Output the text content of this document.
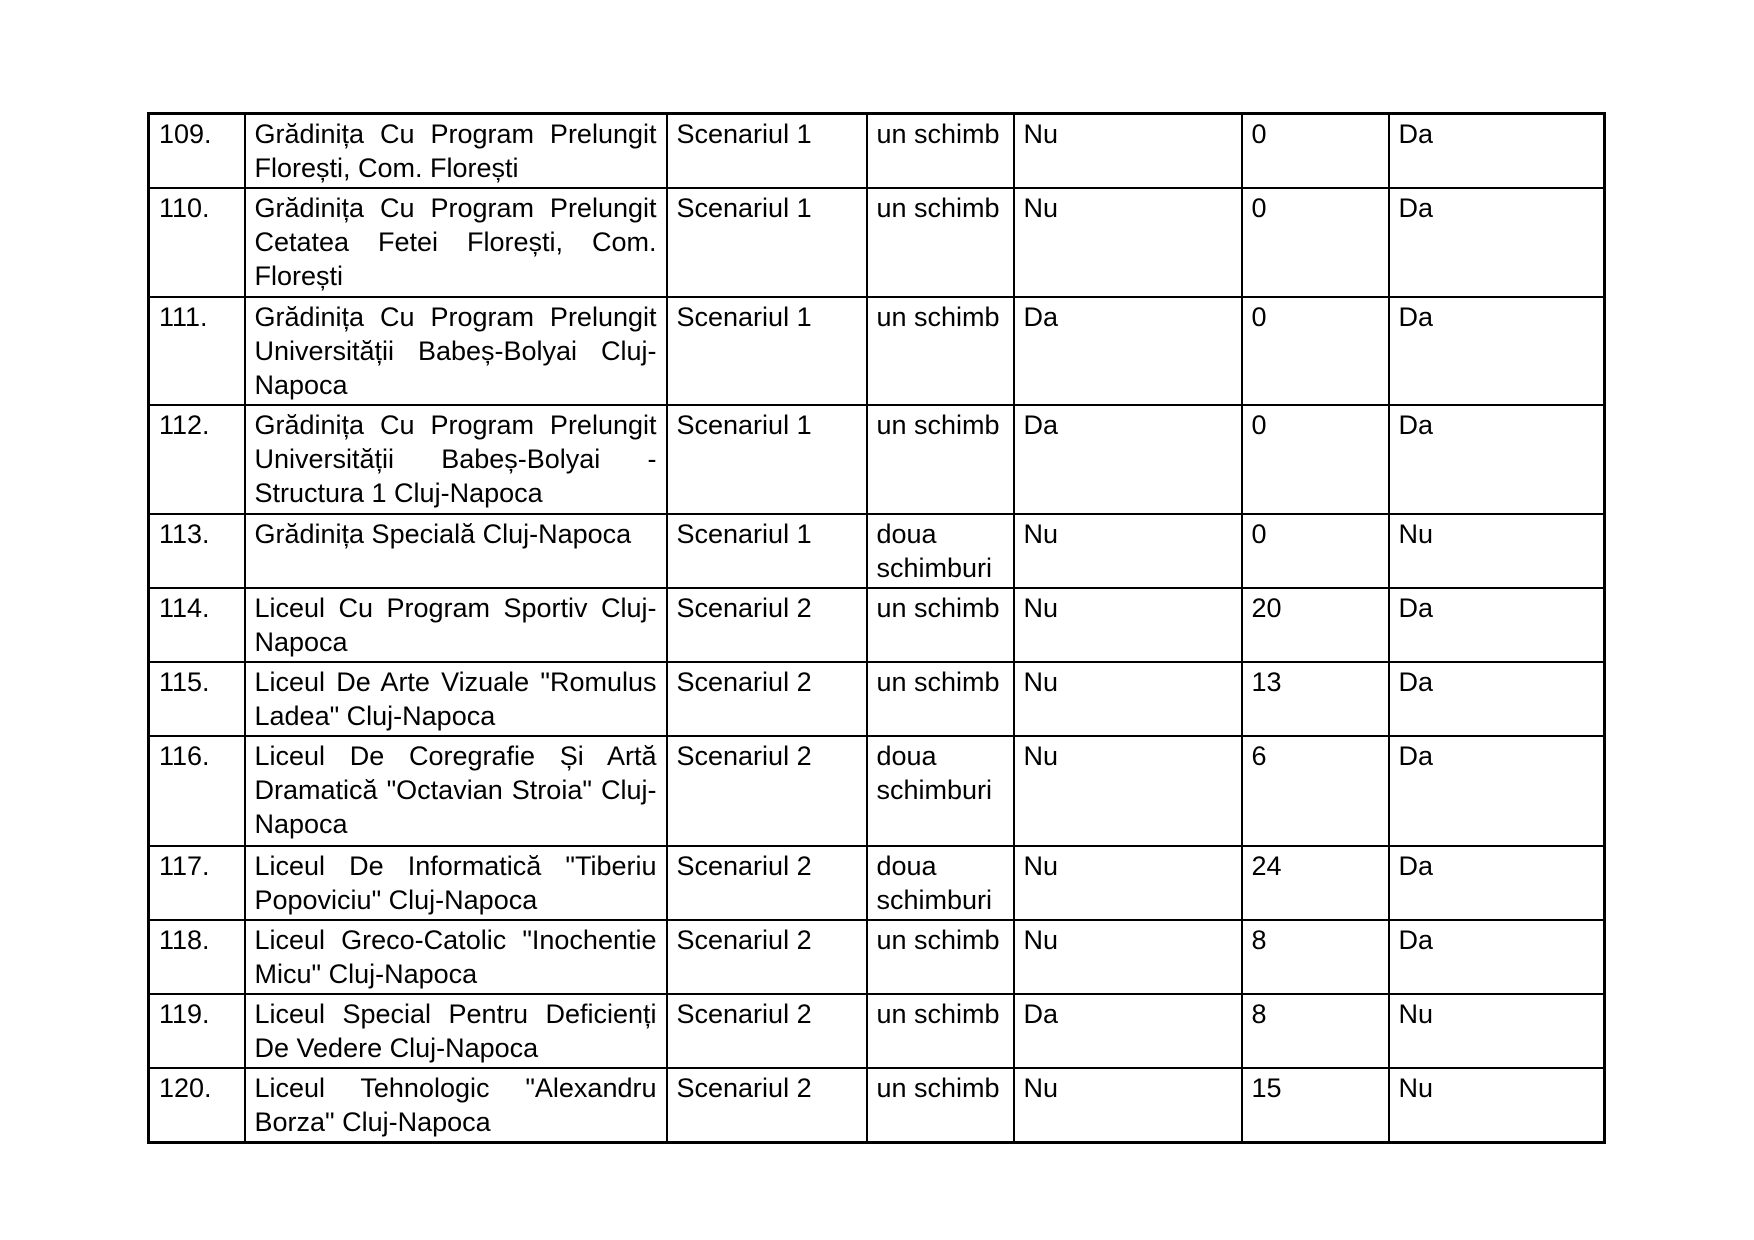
109.	Grădinița Cu Program Prelungit Florești, Com. Florești	Scenariul 1	un schimb	Nu	0	Da
110.	Grădinița Cu Program Prelungit Cetatea Fetei Florești, Com. Florești	Scenariul 1	un schimb	Nu	0	Da
111.	Grădinița Cu Program Prelungit Universității Babeș-Bolyai Cluj-Napoca	Scenariul 1	un schimb	Da	0	Da
112.	Grădinița Cu Program Prelungit Universității Babeș-Bolyai - Structura 1 Cluj-Napoca	Scenariul 1	un schimb	Da	0	Da
113.	Grădinița Specială Cluj-Napoca	Scenariul 1	doua schimburi	Nu	0	Nu
114.	Liceul Cu Program Sportiv Cluj-Napoca	Scenariul 2	un schimb	Nu	20	Da
115.	Liceul De Arte Vizuale "Romulus Ladea" Cluj-Napoca	Scenariul 2	un schimb	Nu	13	Da
116.	Liceul De Coregrafie Și Artă Dramatică "Octavian Stroia" Cluj-Napoca	Scenariul 2	doua schimburi	Nu	6	Da
117.	Liceul De Informatică "Tiberiu Popoviciu" Cluj-Napoca	Scenariul 2	doua schimburi	Nu	24	Da
118.	Liceul Greco-Catolic "Inochentie Micu" Cluj-Napoca	Scenariul 2	un schimb	Nu	8	Da
119.	Liceul Special Pentru Deficienți De Vedere Cluj-Napoca	Scenariul 2	un schimb	Da	8	Nu
120.	Liceul Tehnologic "Alexandru Borza" Cluj-Napoca	Scenariul 2	un schimb	Nu	15	Nu
